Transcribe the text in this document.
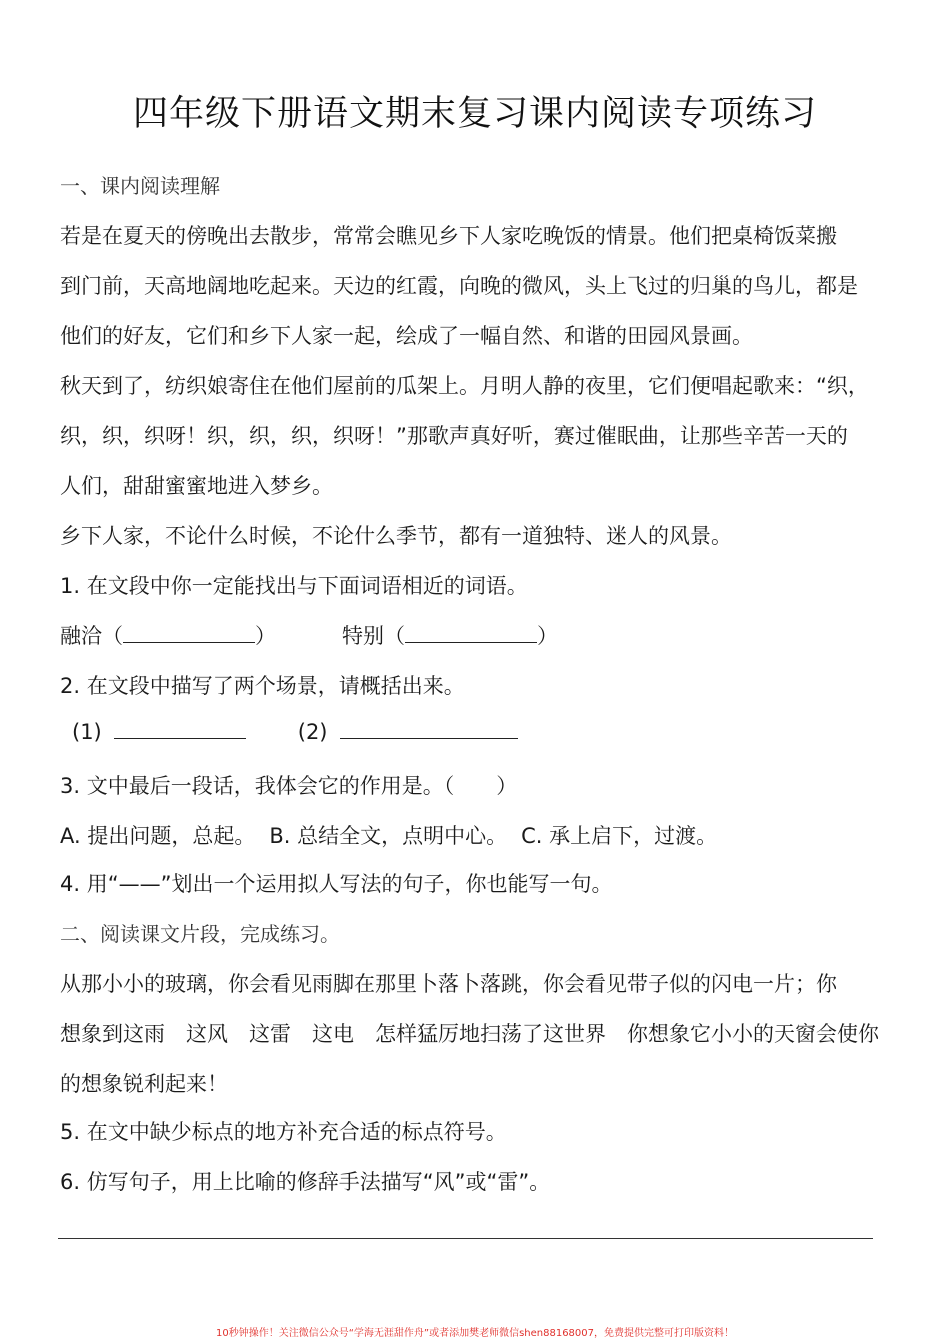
四年级下册语文期末复习课内阅读专项练习
一、课内阅读理解
若是在夏天的傍晚出去散步，常常会瞧见乡下人家吃晚饭的情景。他们把桌椅饭菜搬
到门前，天高地阔地吃起来。天边的红霞，向晚的微风，头上飞过的归巢的鸟儿，都是
他们的好友，它们和乡下人家一起，绘成了一幅自然、和谐的田园风景画。
秋天到了，纺织娘寄住在他们屋前的瓜架上。月明人静的夜里，它们便唱起歌来：“织，
织，织，织呀！织，织，织，织呀！”那歌声真好听，赛过催眠曲，让那些辛苦一天的
人们，甜甜蜜蜜地进入梦乡。
乡下人家，不论什么时候，不论什么季节，都有一道独特、迷人的风景。
1. 在文段中你一定能找出与下面词语相近的词语。
融洽（	）	特别（	）
2. 在文段中描写了两个场景，请概括出来。
(1)	(2)
3. 文中最后一段话，我体会它的作用是。（　　）
A. 提出问题，总起。 B. 总结全文，点明中心。 C. 承上启下，过渡。
4. 用“——”划出一个运用拟人写法的句子，你也能写一句。
二、阅读课文片段，完成练习。
从那小小的玻璃，你会看见雨脚在那里卜落卜落跳，你会看见带子似的闪电一片；你
想象到这雨　这风　这雷　这电　怎样猛厉地扫荡了这世界　你想象它小小的天窗会使你
的想象锐利起来！
5. 在文中缺少标点的地方补充合适的标点符号。
6. 仿写句子，用上比喻的修辞手法描写“风”或“雷”。
10秒钟操作！关注微信公众号“学海无涯甜作舟”或者添加樊老师微信shen88168007，免费提供完整可打印版资料！
